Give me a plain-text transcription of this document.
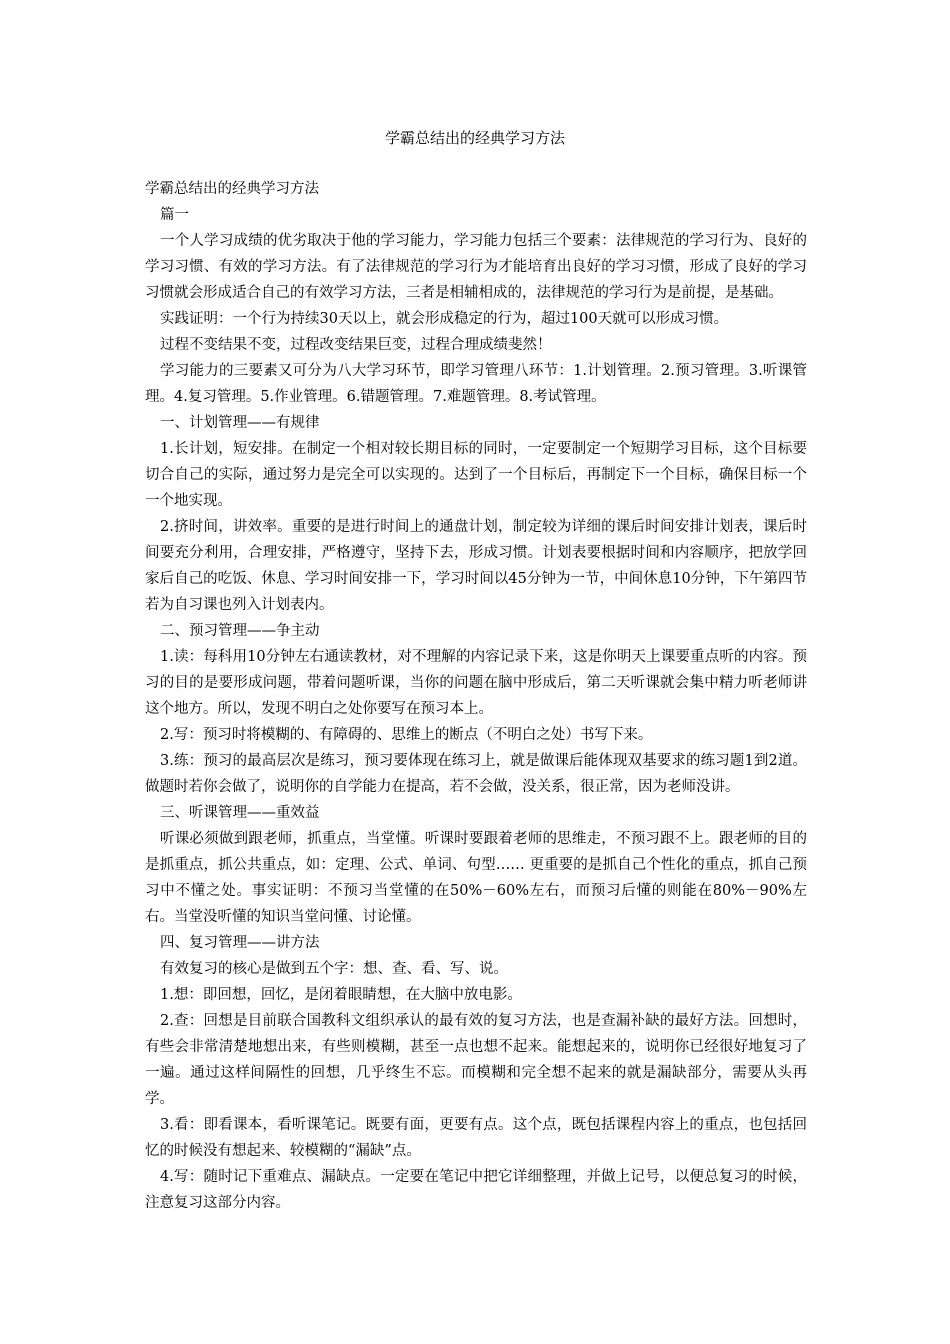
学霸总结出的经典学习方法

学霸总结出的经典学习方法

篇一

一个人学习成绩的优劣取决于他的学习能力，学习能力包括三个要素：法律规范的学习行为、良好的学习习惯、有效的学习方法。有了法律规范的学习行为才能培育出良好的学习习惯，形成了良好的学习习惯就会形成适合自己的有效学习方法，三者是相辅相成的，法律规范的学习行为是前提，是基础。

实践证明：一个行为持续30天以上，就会形成稳定的行为，超过100天就可以形成习惯。

过程不变结果不变，过程改变结果巨变，过程合理成绩斐然！

学习能力的三要素又可分为八大学习环节，即学习管理八环节：1.计划管理。2.预习管理。3.听课管理。4.复习管理。5.作业管理。6.错题管理。7.难题管理。8.考试管理。

一、计划管理——有规律

1.长计划，短安排。在制定一个相对较长期目标的同时，一定要制定一个短期学习目标，这个目标要切合自己的实际，通过努力是完全可以实现的。达到了一个目标后，再制定下一个目标，确保目标一个一个地实现。

2.挤时间，讲效率。重要的是进行时间上的通盘计划，制定较为详细的课后时间安排计划表，课后时间要充分利用，合理安排，严格遵守，坚持下去，形成习惯。计划表要根据时间和内容顺序，把放学回家后自己的吃饭、休息、学习时间安排一下，学习时间以45分钟为一节，中间休息10分钟，下午第四节若为自习课也列入计划表内。

二、预习管理——争主动

1.读：每科用10分钟左右通读教材，对不理解的内容记录下来，这是你明天上课要重点听的内容。预习的目的是要形成问题，带着问题听课，当你的问题在脑中形成后，第二天听课就会集中精力听老师讲这个地方。所以，发现不明白之处你要写在预习本上。

2.写：预习时将模糊的、有障碍的、思维上的断点（不明白之处）书写下来。

3.练：预习的最高层次是练习，预习要体现在练习上，就是做课后能体现双基要求的练习题1到2道。做题时若你会做了，说明你的自学能力在提高，若不会做，没关系，很正常，因为老师没讲。

三、听课管理——重效益

听课必须做到跟老师，抓重点，当堂懂。听课时要跟着老师的思维走，不预习跟不上。跟老师的目的是抓重点，抓公共重点，如：定理、公式、单词、句型…… 更重要的是抓自己个性化的重点，抓自己预习中不懂之处。事实证明：不预习当堂懂的在50%－60%左右，而预习后懂的则能在80%－90%左右。当堂没听懂的知识当堂问懂、讨论懂。

四、复习管理——讲方法

有效复习的核心是做到五个字：想、查、看、写、说。

1.想：即回想，回忆，是闭着眼睛想，在大脑中放电影。

2.查：回想是目前联合国教科文组织承认的最有效的复习方法，也是查漏补缺的最好方法。回想时，有些会非常清楚地想出来，有些则模糊，甚至一点也想不起来。能想起来的，说明你已经很好地复习了一遍。通过这样间隔性的回想，几乎终生不忘。而模糊和完全想不起来的就是漏缺部分，需要从头再学。

3.看：即看课本，看听课笔记。既要有面，更要有点。这个点，既包括课程内容上的重点，也包括回忆的时候没有想起来、较模糊的“漏缺”点。

4.写：随时记下重难点、漏缺点。一定要在笔记中把它详细整理，并做上记号，以便总复习的时候，注意复习这部分内容。
